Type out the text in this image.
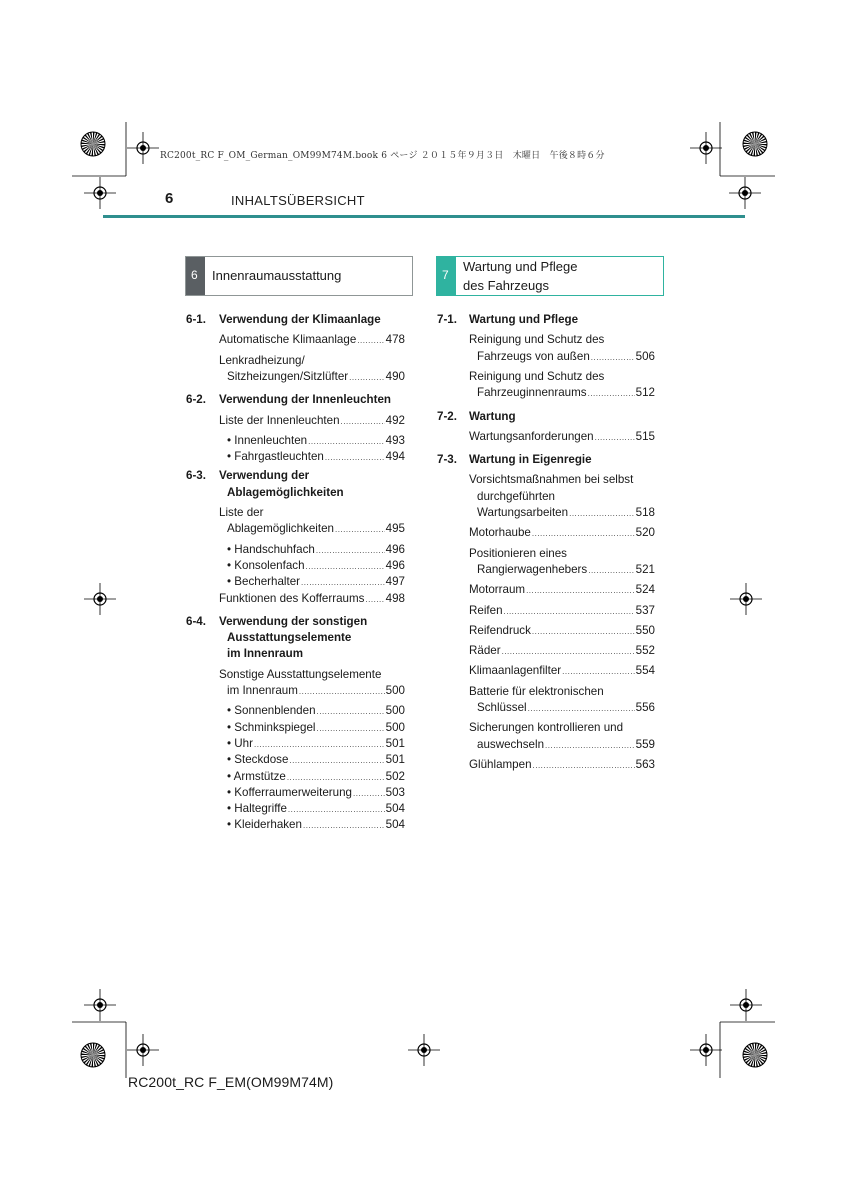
RC200t_RC F_OM_German_OM99M74M.book 6 ページ ２０１５年９月３日　木曜日　午後８時６分
6	INHALTSÜBERSICHT
6	Innenraumausstattung	7
Wartung und Pflege
des Fahrzeugs
6-1. Verwendung der Klimaanlage
Automatische Klimaanlage .....	478
Lenkradheizung/
Sitzheizungen/Sitzlüfter .....	490
6-2. Verwendung der Innenleuchten
Liste der Innenleuchten .....	492
• Innenleuchten .....	493
• Fahrgastleuchten .....	494
6-3. Verwendung der
Ablagemöglichkeiten
Liste der
Ablagemöglichkeiten .....	495
• Handschuhfach .....	496
• Konsolenfach .....	496
• Becherhalter .....	497
Funktionen des Kofferraums ..... 498
6-4. Verwendung der sonstigen
Ausstattungselemente
im Innenraum
Sonstige Ausstattungselemente
im Innenraum .....	500
• Sonnenblenden .....	500
• Schminkspiegel .....	500
• Uhr .....	501
• Steckdose .....	501
• Armstütze .....	502
• Kofferraumerweiterung .....	503
• Haltegriffe .....	504
• Kleiderhaken .....	504
7-1. Wartung und Pflege
Reinigung und Schutz des
Fahrzeugs von außen .....	506
Reinigung und Schutz des
Fahrzeuginnenraums .....	512
7-2. Wartung
Wartungsanforderungen .....	515
7-3. Wartung in Eigenregie
Vorsichtsmaßnahmen bei selbst
durchgeführten
Wartungsarbeiten .....	518
Motorhaube .....	520
Positionieren eines
Rangierwagenhebers .....	521
Motorraum .....	524
Reifen .....	537
Reifendruck .....	550
Räder .....	552
Klimaanlagenfilter .....	554
Batterie für elektronischen
Schlüssel .....	556
Sicherungen kontrollieren und
auswechseln .....	559
Glühlampen .....	563
RC200t_RC F_EM(OM99M74M)
